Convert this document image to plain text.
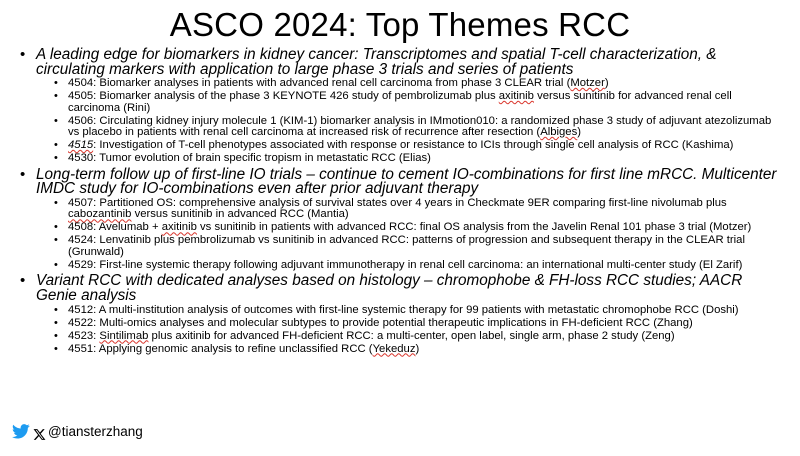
ASCO 2024: Top Themes RCC
• A leading edge for biomarkers in kidney cancer: Transcriptomes and spatial T-cell characterization, & circulating markers with application to large phase 3 trials and series of patients
• 4504: Biomarker analyses in patients with advanced renal cell carcinoma from phase 3 CLEAR trial (Motzer)
• 4505: Biomarker analysis of the phase 3 KEYNOTE 426 study of pembrolizumab plus axitinib versus sunitinib for advanced renal cell carcinoma (Rini)
• 4506: Circulating kidney injury molecule 1 (KIM-1) biomarker analysis in IMmotion010: a randomized phase 3 study of adjuvant atezolizumab vs placebo in patients with renal cell carcinoma at increased risk of recurrence after resection (Albiges)
• 4515: Investigation of T-cell phenotypes associated with response or resistance to ICIs through single cell analysis of RCC (Kashima)
• 4530: Tumor evolution of brain specific tropism in metastatic RCC (Elias)
• Long-term follow up of first-line IO trials – continue to cement IO-combinations for first line mRCC. Multicenter IMDC study for IO-combinations even after prior adjuvant therapy
• 4507: Partitioned OS: comprehensive analysis of survival states over 4 years in Checkmate 9ER comparing first-line nivolumab plus cabozantinib versus sunitinib in advanced RCC (Mantia)
• 4508: Avelumab + axitinib vs sunitinib in patients with advanced RCC: final OS analysis from the Javelin Renal 101 phase 3 trial (Motzer)
• 4524: Lenvatinib plus pembrolizumab vs sunitinib in advanced RCC: patterns of progression and subsequent therapy in the CLEAR trial (Grunwald)
• 4529: First-line systemic therapy following adjuvant immunotherapy in renal cell carcinoma: an international multi-center study (El Zarif)
• Variant RCC with dedicated analyses based on histology – chromophobe & FH-loss RCC studies; AACR Genie analysis
• 4512: A multi-institution analysis of outcomes with first-line systemic therapy for 99 patients with metastatic chromophobe RCC (Doshi)
• 4522: Multi-omics analyses and molecular subtypes to provide potential therapeutic implications in FH-deficient RCC (Zhang)
• 4523: Sintilimab plus axitinib for advanced FH-deficient RCC: a multi-center, open label, single arm, phase 2 study (Zeng)
• 4551: Applying genomic analysis to refine unclassified RCC (Yekeduz)
@tiansterzhang
